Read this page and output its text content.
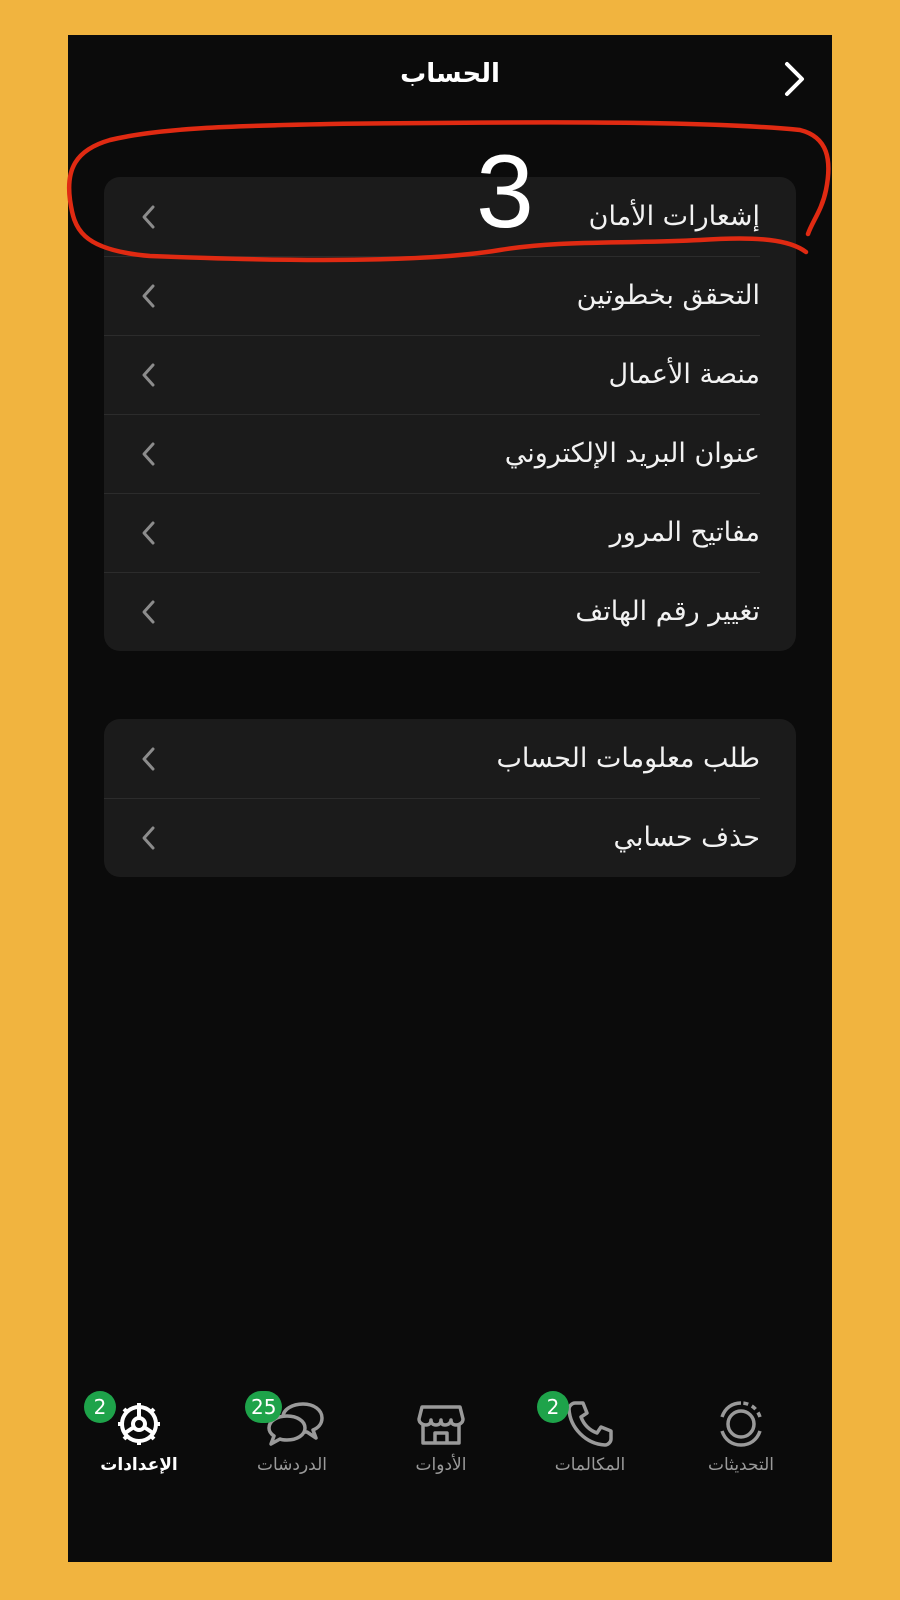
الحساب
إشعارات الأمان
التحقق بخطوتين
منصة الأعمال
عنوان البريد الإلكتروني
مفاتيح المرور
تغيير رقم الهاتف
طلب معلومات الحساب
حذف حسابي
2
الإعدادات
25
الدردشات	الأدوات
2
المكالمات	التحديثات
3
